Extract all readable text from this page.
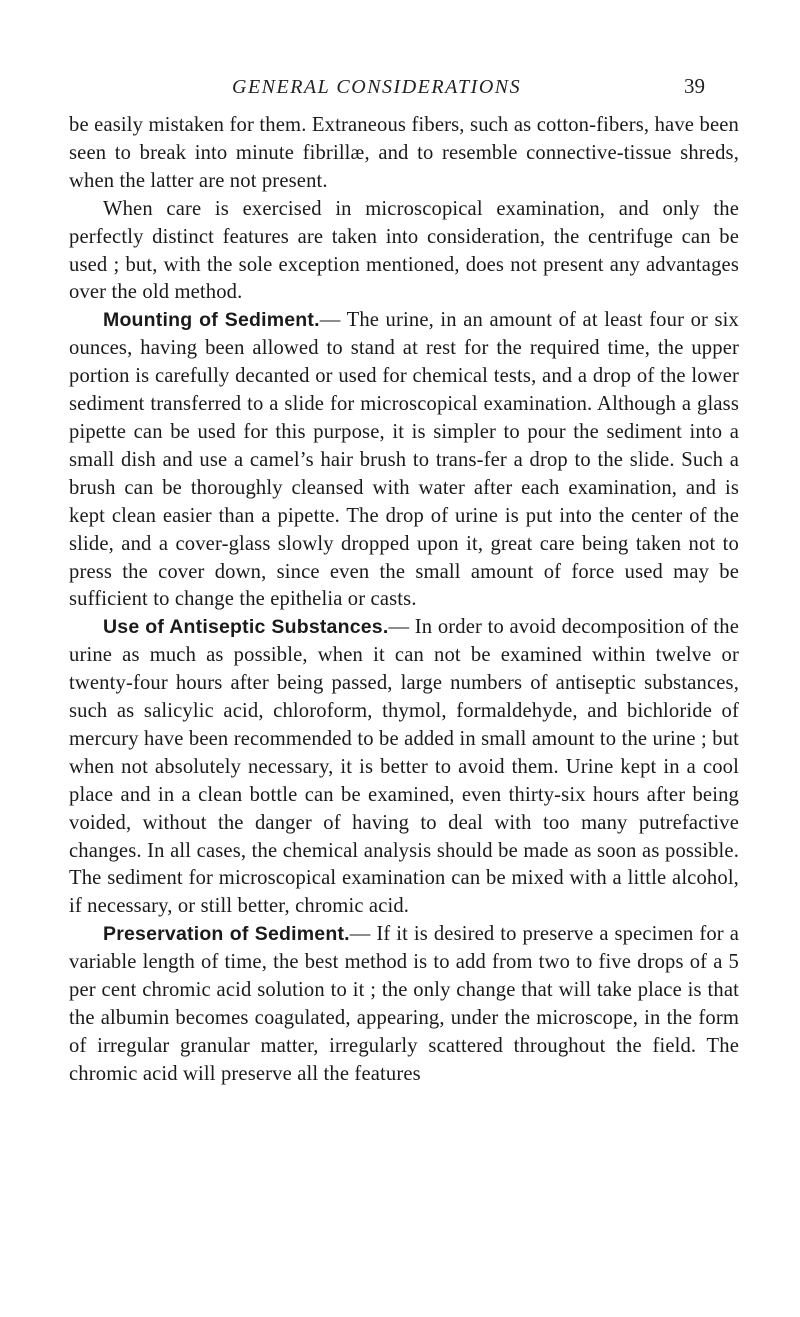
GENERAL CONSIDERATIONS	39

be easily mistaken for them. Extraneous fibers, such as cotton-fibers, have been seen to break into minute fibrillæ, and to resemble connective-tissue shreds, when the latter are not present.

When care is exercised in microscopical examination, and only the perfectly distinct features are taken into consideration, the centrifuge can be used ; but, with the sole exception mentioned, does not present any advantages over the old method.

Mounting of Sediment.— The urine, in an amount of at least four or six ounces, having been allowed to stand at rest for the required time, the upper portion is carefully decanted or used for chemical tests, and a drop of the lower sediment transferred to a slide for microscopical examination. Although a glass pipette can be used for this purpose, it is simpler to pour the sediment into a small dish and use a camel’s hair brush to trans-fer a drop to the slide. Such a brush can be thoroughly cleansed with water after each examination, and is kept clean easier than a pipette. The drop of urine is put into the center of the slide, and a cover-glass slowly dropped upon it, great care being taken not to press the cover down, since even the small amount of force used may be sufficient to change the epithelia or casts.

Use of Antiseptic Substances.— In order to avoid decomposition of the urine as much as possible, when it can not be examined within twelve or twenty-four hours after being passed, large numbers of antiseptic substances, such as salicylic acid, chloroform, thymol, formaldehyde, and bichloride of mercury have been recommended to be added in small amount to the urine ; but when not absolutely necessary, it is better to avoid them. Urine kept in a cool place and in a clean bottle can be examined, even thirty-six hours after being voided, without the danger of having to deal with too many putrefactive changes. In all cases, the chemical analysis should be made as soon as possible. The sediment for microscopical examination can be mixed with a little alcohol, if necessary, or still better, chromic acid.

Preservation of Sediment.— If it is desired to preserve a specimen for a variable length of time, the best method is to add from two to five drops of a 5 per cent chromic acid solution to it ; the only change that will take place is that the albumin becomes coagulated, appearing, under the microscope, in the form of irregular granular matter, irregularly scattered throughout the field. The chromic acid will preserve all the features
